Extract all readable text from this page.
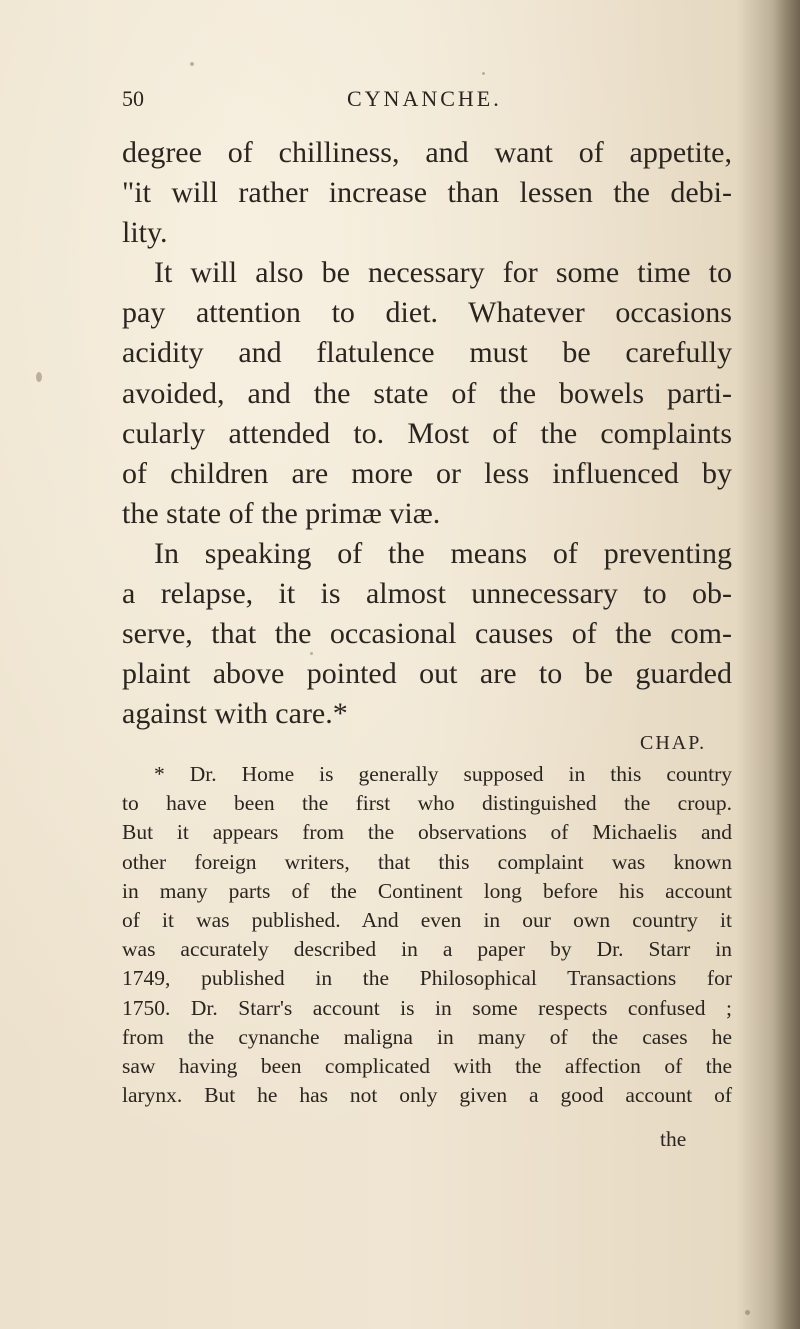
50	CYNANCHE.
degree of chilliness, and want of appetite,
"it will rather increase than lessen the debi-
lity.
It will also be necessary for some time to
pay attention to diet. Whatever occasions
acidity and flatulence must be carefully
avoided, and the state of the bowels parti-
cularly attended to. Most of the complaints
of children are more or less influenced by
the state of the primæ viæ.
In speaking of the means of preventing
a relapse, it is almost unnecessary to ob-
serve, that the occasional causes of the com-
plaint above pointed out are to be guarded
against with care.*
CHAP.
* Dr. Home is generally supposed in this country
to have been the first who distinguished the croup.
But it appears from the observations of Michaelis and
other foreign writers, that this complaint was known
in many parts of the Continent long before his account
of it was published. And even in our own country it
was accurately described in a paper by Dr. Starr in
1749, published in the Philosophical Transactions for
1750. Dr. Starr's account is in some respects confused ;
from the cynanche maligna in many of the cases he
saw having been complicated with the affection of the
larynx. But he has not only given a good account of
the
